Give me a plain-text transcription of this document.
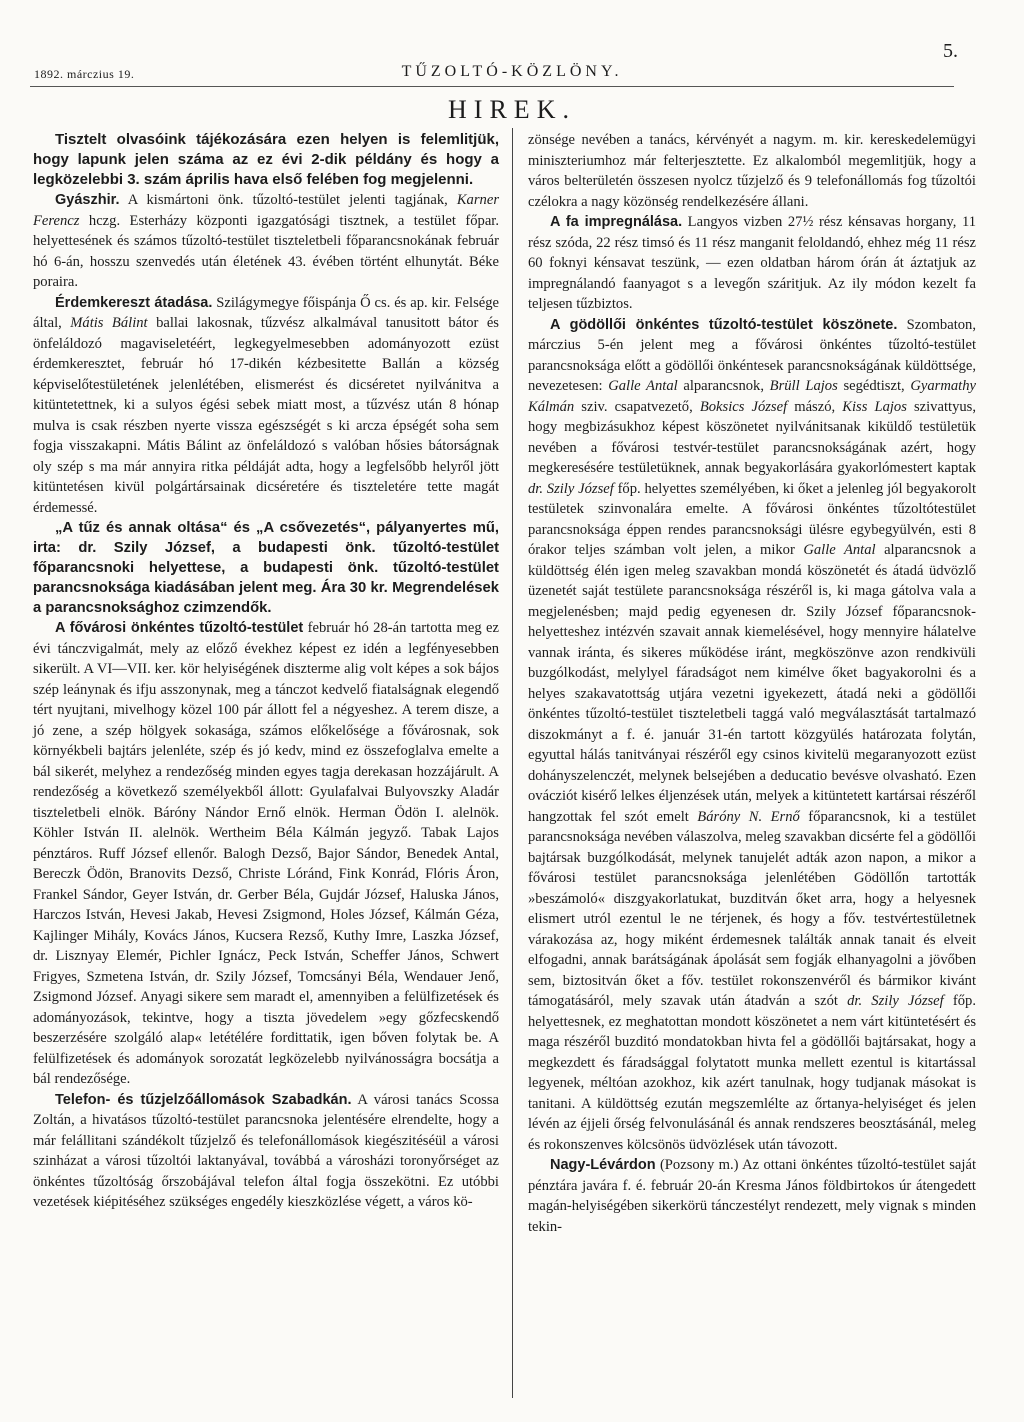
1892. márczius 19.	TŰZOLTÓ-KÖZLÖNY.
5.
HIREK.

Tisztelt olvasóink tájékozására ezen helyen is felemlitjük, hogy lapunk jelen száma az ez évi 2-dik példány és hogy a legközelebbi 3. szám április hava első felében fog megjelenni.

Gyászhir. A kismártoni önk. tűzoltó-testület jelenti tagjának, Karner Ferencz hczg. Esterházy központi igazgatósági tisztnek, a testület főpar. helyettesének és számos tűzoltó-testület tiszteletbeli főparancsnokának február hó 6-án, hosszu szenvedés után életének 43. évében történt elhunytát. Béke poraira.

Érdemkereszt átadása. Szilágymegye főispánja Ő cs. és ap. kir. Felsége által, Mátis Bálint ballai lakosnak, tűzvész alkalmával tanusitott bátor és önfeláldozó magaviseletéért, legkegyelmesebben adományozott ezüst érdemkeresztet, február hó 17-dikén kézbesitette Ballán a község képviselőtestületének jelenlétében, elismerést és dicséretet nyilvánitva a kitüntetettnek, ki a sulyos égési sebek miatt most, a tűzvész után 8 hónap mulva is csak részben nyerte vissza egészségét s ki arcza épségét soha sem fogja visszakapni. Mátis Bálint az önfeláldozó s valóban hősies bátorságnak oly szép s ma már annyira ritka példáját adta, hogy a legfelsőbb helyről jött kitüntetésen kivül polgártársainak dicséretére és tiszteletére tette magát érdemessé.

„A tűz és annak oltása“ és „A csővezetés“, pályanyertes mű, irta: dr. Szily József, a budapesti önk. tűzoltó-testület főparancsnoki helyettese, a budapesti önk. tűzoltó-testület parancsnoksága kiadásában jelent meg. Ára 30 kr. Megrendelések a parancsnoksághoz czimzendők.

A fővárosi önkéntes tűzoltó-testület február hó 28-án tartotta meg ez évi tánczvigalmát, mely az előző évekhez képest ez idén a legfényesebben sikerült. A VI—VII. ker. kör helyiségének diszterme alig volt képes a sok bájos szép leánynak és ifju asszonynak, meg a tánczot kedvelő fiatalságnak elegendő tért nyujtani, mivelhogy közel 100 pár állott fel a négyeshez. A terem disze, a jó zene, a szép hölgyek sokasága, számos előkelősége a fővárosnak, sok környékbeli bajtárs jelenléte, szép és jó kedv, mind ez összefoglalva emelte a bál sikerét, melyhez a rendezőség minden egyes tagja derekasan hozzájárult. A rendezőség a következő személyekből állott: Gyulafalvai Bulyovszky Aladár tiszteletbeli elnök. Báróny Nándor Ernő elnök. Herman Ödön I. alelnök. Köhler István II. alelnök. Wertheim Béla Kálmán jegyző. Tabak Lajos pénztáros. Ruff József ellenőr. Balogh Dezső, Bajor Sándor, Benedek Antal, Bereczk Ödön, Branovits Dezső, Christe Lóránd, Fink Konrád, Flóris Áron, Frankel Sándor, Geyer István, dr. Gerber Béla, Gujdár József, Haluska János, Harczos István, Hevesi Jakab, Hevesi Zsigmond, Holes József, Kálmán Géza, Kajlinger Mihály, Kovács János, Kucsera Rezső, Kuthy Imre, Laszka József, dr. Lisznyay Elemér, Pichler Ignácz, Peck István, Scheffer János, Schwert Frigyes, Szmetena István, dr. Szily József, Tomcsányi Béla, Wendauer Jenő, Zsigmond József. Anyagi sikere sem maradt el, amennyiben a felülfizetések és adományozások, tekintve, hogy a tiszta jövedelem »egy gőzfecskendő beszerzésére szolgáló alap« letétélére fordittatik, igen bőven folytak be. A felülfizetések és adományok sorozatát legközelebb nyilvánosságra bocsátja a bál rendezősége.

Telefon- és tűzjelzőállomások Szabadkán. A városi tanács Scossa Zoltán, a hivatásos tűzoltó-testület parancsnoka jelentésére elrendelte, hogy a már felállitani szándékolt tűzjelző és telefonállomások kiegészitéséül a városi szinházat a városi tűzoltói laktanyával, továbbá a városházi toronyőrséget az önkéntes tűzoltóság őrszobájával telefon által fogja összekötni. Ez utóbbi vezetések kiépitéséhez szükséges engedély kieszközlése végett, a város kö-

zönsége nevében a tanács, kérvényét a nagym. m. kir. kereskedelemügyi miniszteriumhoz már felterjesztette. Ez alkalomból megemlitjük, hogy a város belterületén összesen nyolcz tűzjelző és 9 telefonállomás fog tűzoltói czélokra a nagy közönség rendelkezésére állani.

A fa impregnálása. Langyos vizben 27½ rész kénsavas horgany, 11 rész szóda, 22 rész timsó és 11 rész manganit feloldandó, ehhez még 11 rész 60 foknyi kénsavat teszünk, — ezen oldatban három órán át áztatjuk az impregnálandó faanyagot s a levegőn száritjuk. Az ily módon kezelt fa teljesen tűzbiztos.

A gödöllői önkéntes tűzoltó-testület köszönete. Szombaton, márczius 5-én jelent meg a fővárosi önkéntes tűzoltó-testület parancsnoksága előtt a gödöllői önkéntesek parancsnokságának küldöttsége, nevezetesen: Galle Antal alparancsnok, Brüll Lajos segédtiszt, Gyarmathy Kálmán sziv. csapatvezető, Boksics József mászó, Kiss Lajos szivattyus, hogy megbizásukhoz képest köszönetet nyilvánitsanak kiküldő testületük nevében a fővárosi testvér-testület parancsnokságának azért, hogy megkeresésére testületüknek, annak begyakorlására gyakorlómestert kaptak dr. Szily József főp. helyettes személyében, ki őket a jelenleg jól begyakorolt testületek szinvonalára emelte. A fővárosi önkéntes tűzoltótestület parancsnoksága éppen rendes parancsnoksági ülésre egybegyülvén, esti 8 órakor teljes számban volt jelen, a mikor Galle Antal alparancsnok a küldöttség élén igen meleg szavakban mondá köszönetét és átadá üdvözlő üzenetét saját testülete parancsnoksága részéről is, ki maga gátolva vala a megjelenésben; majd pedig egyenesen dr. Szily József főparancsnok-helyetteshez intézvén szavait annak kiemelésével, hogy mennyire hálatelve vannak iránta, és sikeres működése iránt, megköszönve azon rendkivüli buzgólkodást, melylyel fáradságot nem kimélve őket bagyakorolni és a helyes szakavatottság utjára vezetni igyekezett, átadá neki a gödöllői önkéntes tűzoltó-testület tiszteletbeli taggá való megválasztását tartalmazó diszokmányt a f. é. január 31-én tartott közgyülés határozata folytán, egyuttal hálás tanitványai részéről egy csinos kivitelü megaranyozott ezüst dohányszelenczét, melynek belsejében a deducatio bevésve olvasható. Ezen ovácziót kisérő lelkes éljenzések után, melyek a kitüntetett kartársai részéről hangzottak fel szót emelt Báróny N. Ernő főparancsnok, ki a testület parancsnoksága nevében válaszolva, meleg szavakban dicsérte fel a gödöllői bajtársak buzgólkodását, melynek tanujelét adták azon napon, a mikor a fővárosi testület parancsnoksága jelenlétében Gödöllőn tartották »beszámoló« diszgyakorlatukat, buzditván őket arra, hogy a helyesnek elismert utról ezentul le ne térjenek, és hogy a főv. testvértestületnek várakozása az, hogy miként érdemesnek találták annak tanait és elveit elfogadni, annak barátságának ápolását sem fogják elhanyagolni a jövőben sem, biztositván őket a főv. testület rokonszenvéről és bármikor kivánt támogatásáról, mely szavak után átadván a szót dr. Szily József főp. helyettesnek, ez meghatottan mondott köszönetet a nem várt kitüntetésért és maga részéről buzditó mondatokban hivta fel a gödöllői bajtársakat, hogy a megkezdett és fáradsággal folytatott munka mellett ezentul is kitartással legyenek, méltóan azokhoz, kik azért tanulnak, hogy tudjanak másokat is tanitani. A küldöttség ezután megszemlélte az őrtanya-helyiséget és jelen lévén az éjjeli őrség felvonulásánál és annak rendszeres beosztásánál, meleg és rokonszenves kölcsönös üdvözlések után távozott.

Nagy-Lévárdon (Pozsony m.) Az ottani önkéntes tűzoltó-testület saját pénztára javára f. é. február 20-án Kresma János földbirtokos úr átengedett magán-helyiségében sikerkörü tánczestélyt rendezett, mely vignak s minden tekin-
